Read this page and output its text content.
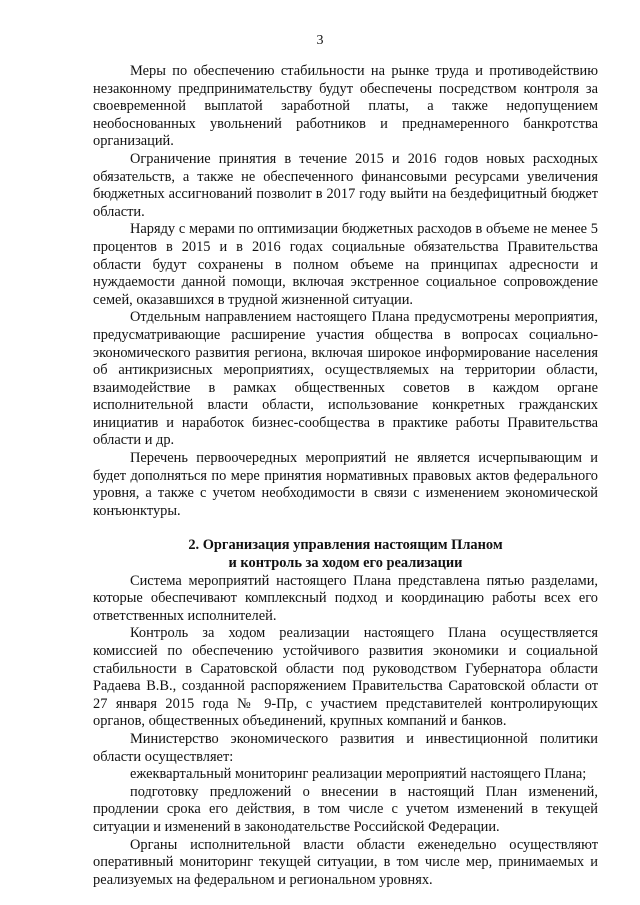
3

Меры по обеспечению стабильности на рынке труда и противодействию незаконному предпринимательству будут обеспечены посредством контроля за своевременной выплатой заработной платы, а также недопущением необоснованных увольнений работников и преднамеренного банкротства организаций.

Ограничение принятия в течение 2015 и 2016 годов новых расходных обязательств, а также не обеспеченного финансовыми ресурсами увеличения бюджетных ассигнований позволит в 2017 году выйти на бездефицитный бюджет области.

Наряду с мерами по оптимизации бюджетных расходов в объеме не менее 5 процентов в 2015 и в 2016 годах социальные обязательства Правительства области будут сохранены в полном объеме на принципах адресности и нуждаемости данной помощи, включая экстренное социальное сопровождение семей, оказавшихся в трудной жизненной ситуации.

Отдельным направлением настоящего Плана предусмотрены мероприятия, предусматривающие расширение участия общества в вопросах социально-экономического развития региона, включая широкое информирование населения об антикризисных мероприятиях, осуществляемых на территории области, взаимодействие в рамках общественных советов в каждом органе исполнительной власти области, использование конкретных гражданских инициатив и наработок бизнес-сообщества в практике работы Правительства области и др.

Перечень первоочередных мероприятий не является исчерпывающим и будет дополняться по мере принятия нормативных правовых актов федерального уровня, а также с учетом необходимости в связи с изменением экономической конъюнктуры.

2. Организация управления настоящим Планом
и контроль за ходом его реализации

Система мероприятий настоящего Плана представлена пятью разделами, которые обеспечивают комплексный подход и координацию работы всех его ответственных исполнителей.

Контроль за ходом реализации настоящего Плана осуществляется комиссией по обеспечению устойчивого развития экономики и социальной стабильности в Саратовской области под руководством Губернатора области Радаева В.В., созданной распоряжением Правительства Саратовской области от 27 января 2015 года № 9-Пр, с участием представителей контролирующих органов, общественных объединений, крупных компаний и банков.

Министерство экономического развития и инвестиционной политики области осуществляет:

ежеквартальный мониторинг реализации мероприятий настоящего Плана;

подготовку предложений о внесении в настоящий План изменений, продлении срока его действия, в том числе с учетом изменений в текущей ситуации и изменений в законодательстве Российской Федерации.

Органы исполнительной власти области еженедельно осуществляют оперативный мониторинг текущей ситуации, в том числе мер, принимаемых и реализуемых на федеральном и региональном уровнях.
